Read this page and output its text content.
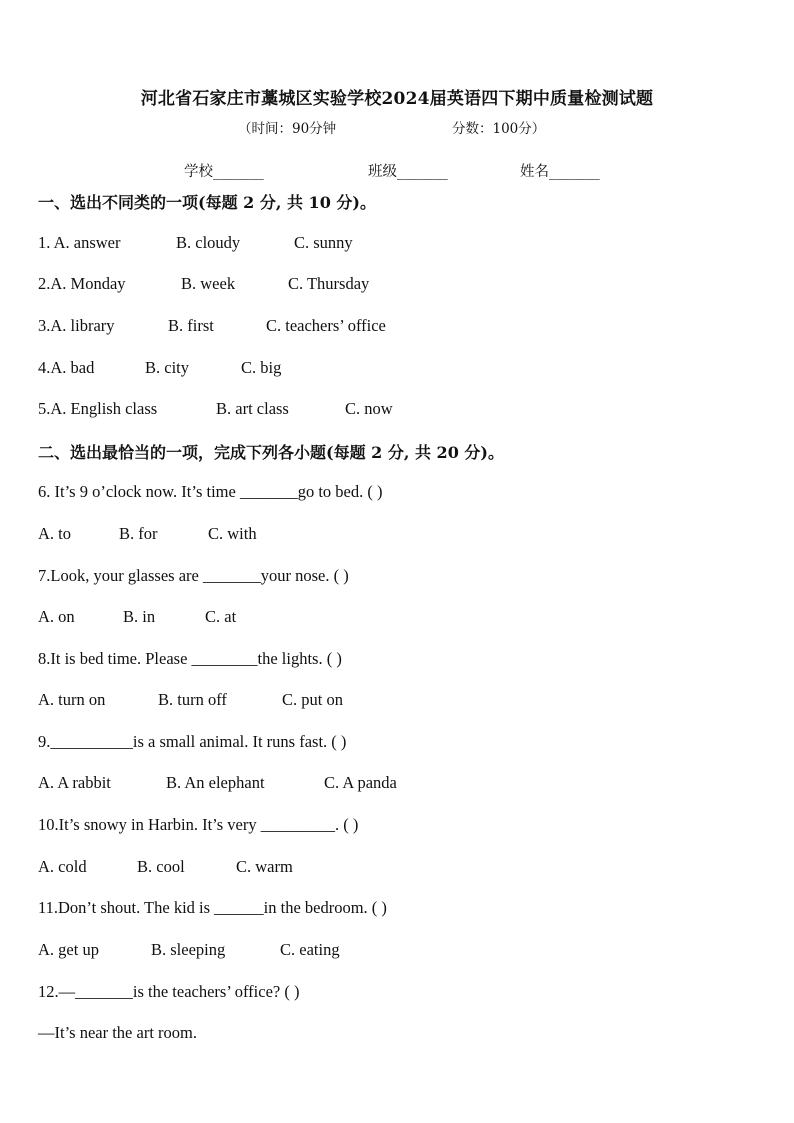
河北省石家庄市藁城区实验学校2024届英语四下期中质量检测试题
（时间：90分钟	分数：100分）
学校_______	班级_______	姓名_______
一、选出不同类的一项(每题 2 分, 共 10 分)。
1. A. answer	B. cloudy	C. sunny
2.A. Monday	B. week	C. Thursday
3.A. library	B. first	C. teachers’ office
4.A. bad	B. city	C. big
5.A. English class	B. art class	C. now
二、选出最恰当的一项，完成下列各小题(每题 2 分, 共 20 分)。
6. It’s 9 o’clock now. It’s time _______go to bed. ( )
A. to	B. for	C. with
7.Look, your glasses are _______your nose. ( )
A. on	B. in	C. at
8.It is bed time. Please ________the lights. ( )
A. turn on	B. turn off	C. put on
9.__________is a small animal. It runs fast. ( )
A. A rabbit	B. An elephant	C. A panda
10.It’s snowy in Harbin. It’s very _________. ( )
A. cold	B. cool	C. warm
11.Don’t shout. The kid is ______in the bedroom. ( )
A. get up	B. sleeping	C. eating
12.—_______is the teachers’ office? ( )
—It’s near the art room.
